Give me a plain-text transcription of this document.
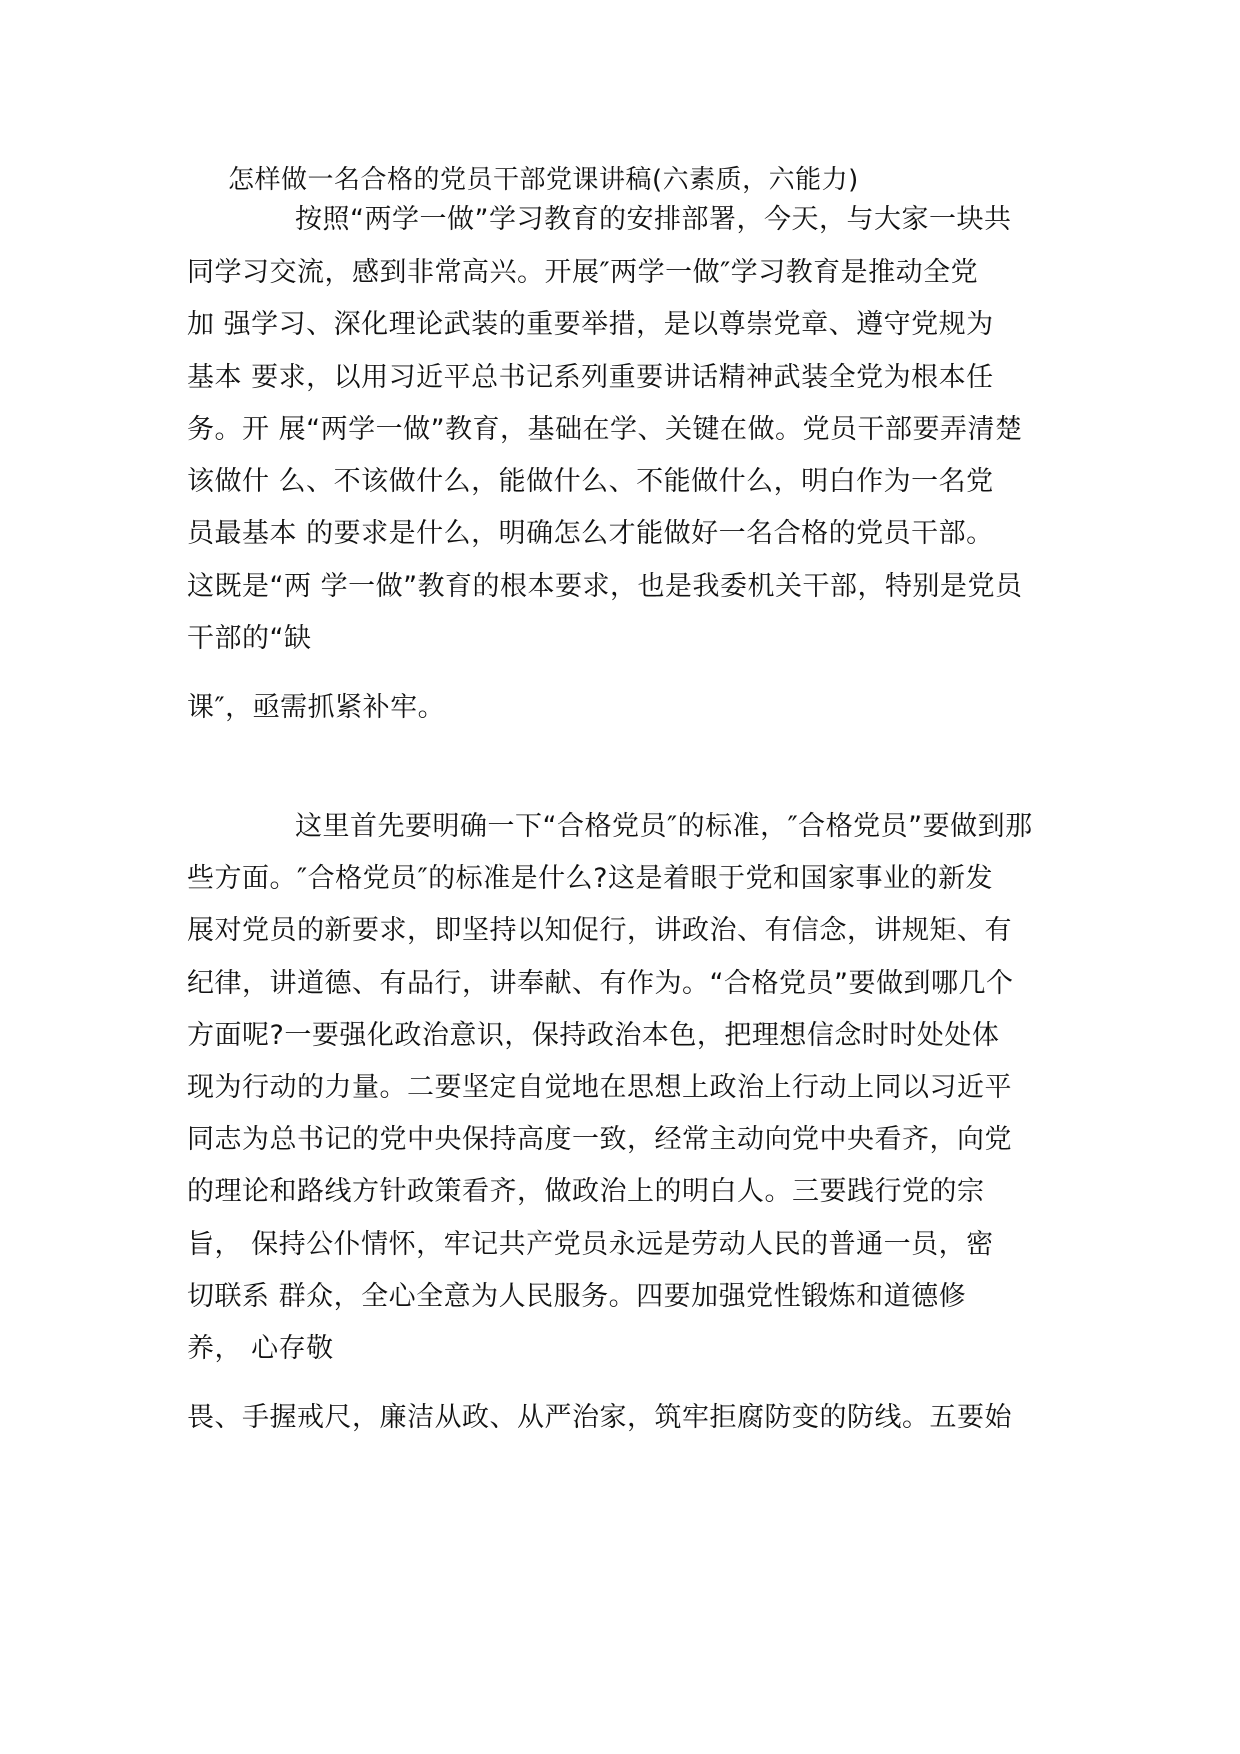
怎样做一名合格的党员干部党课讲稿(六素质，六能力)

按照“两学一做”学习教育的安排部署，今天，与大家一块共

同学习交流，感到非常高兴。开展″两学一做″学习教育是推动全党

加 强学习、深化理论武装的重要举措，是以尊崇党章、遵守党规为

基本 要求，以用习近平总书记系列重要讲话精神武装全党为根本任

务。开 展“两学一做”教育，基础在学、关键在做。党员干部要弄清楚

该做什 么、不该做什么，能做什么、不能做什么，明白作为一名党

员最基本 的要求是什么，明确怎么才能做好一名合格的党员干部。

这既是“两 学一做”教育的根本要求，也是我委机关干部，特别是党员

干部的“缺

课″，亟需抓紧补牢。

这里首先要明确一下“合格党员″的标准，″合格党员”要做到那

些方面。″合格党员″的标准是什么?这是着眼于党和国家事业的新发

展对党员的新要求，即坚持以知促行，讲政治、有信念，讲规矩、有

纪律，讲道德、有品行，讲奉献、有作为。“合格党员”要做到哪几个

方面呢?一要强化政治意识，保持政治本色，把理想信念时时处处体

现为行动的力量。二要坚定自觉地在思想上政治上行动上同以习近平

同志为总书记的党中央保持高度一致，经常主动向党中央看齐，向党

的理论和路线方针政策看齐，做政治上的明白人。三要践行党的宗

旨， 保持公仆情怀，牢记共产党员永远是劳动人民的普通一员，密

切联系 群众，全心全意为人民服务。四要加强党性锻炼和道德修

养， 心存敬

畏、手握戒尺，廉洁从政、从严治家，筑牢拒腐防变的防线。五要始
